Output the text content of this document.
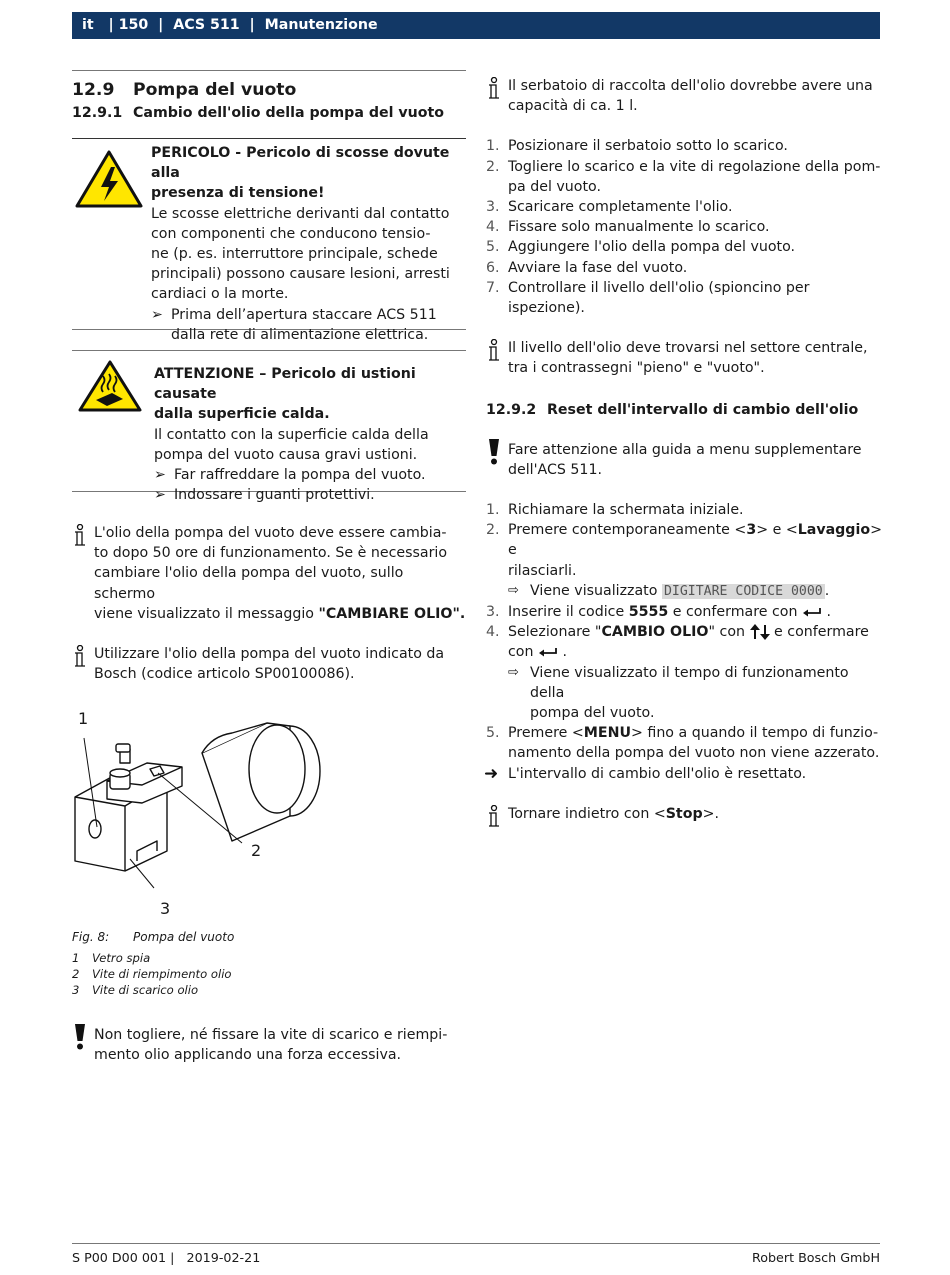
it | 150 | ACS 511 | Manutenzione
12.9 Pompa del vuoto
12.9.1 Cambio dell'olio della pompa del vuoto
PERICOLO - Pericolo di scosse dovute alla
presenza di tensione!
Le scosse elettriche derivanti dal contatto
con componenti che conducono tensio-
ne (p. es. interruttore principale, schede
principali) possono causare lesioni, arresti
cardiaci o la morte.
➢ Prima dell’apertura staccare ACS 511
dalla rete di alimentazione elettrica.
ATTENZIONE – Pericolo di ustioni causate
dalla superficie calda.
Il contatto con la superficie calda della
pompa del vuoto causa gravi ustioni.
➢ Far raffreddare la pompa del vuoto.
➢ Indossare i guanti protettivi.
L'olio della pompa del vuoto deve essere cambia-
to dopo 50 ore di funzionamento. Se è necessario
cambiare l'olio della pompa del vuoto, sullo schermo
viene visualizzato il messaggio "CAMBIARE OLIO".
Utilizzare l'olio della pompa del vuoto indicato da
Bosch (codice articolo SP00100086).
1
2
3
Fig. 8: Pompa del vuoto
1 Vetro spia
2 Vite di riempimento olio
3 Vite di scarico olio
Non togliere, né fissare la vite di scarico e riempi-
mento olio applicando una forza eccessiva.
Il serbatoio di raccolta dell'olio dovrebbe avere una
capacità di ca. 1 l.
1. Posizionare il serbatoio sotto lo scarico.
2. Togliere lo scarico e la vite di regolazione della pom-
pa del vuoto.
3. Scaricare completamente l'olio.
4. Fissare solo manualmente lo scarico.
5. Aggiungere l'olio della pompa del vuoto.
6. Avviare la fase del vuoto.
7. Controllare il livello dell'olio (spioncino per ispezione).
Il livello dell'olio deve trovarsi nel settore centrale,
tra i contrassegni "pieno" e "vuoto".
12.9.2 Reset dell'intervallo di cambio dell'olio
Fare attenzione alla guida a menu supplementare
dell'ACS 511.
1. Richiamare la schermata iniziale.
2. Premere contemporaneamente <3> e <Lavaggio> e
rilasciarli.
⇨ Viene visualizzato DIGITARE CODICE 0000 .
3. Inserire il codice 5555 e confermare con  .
4. Selezionare "CAMBIO OLIO" con e confermare
con  .
⇨ Viene visualizzato il tempo di funzionamento della
pompa del vuoto.
5. Premere <MENU> fino a quando il tempo di funzio-
namento della pompa del vuoto non viene azzerato.
➜ L'intervallo di cambio dell'olio è resettato.
Tornare indietro con <Stop>.
S P00 D00 001 | 2019-02-21	Robert Bosch GmbH
